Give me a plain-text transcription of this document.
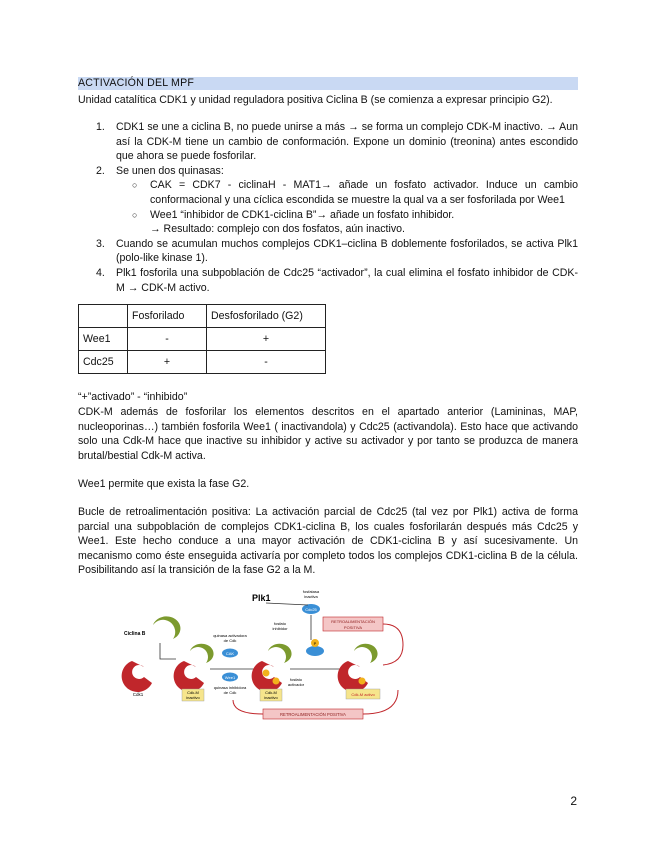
ACTIVACIÓN DEL MPF
Unidad catalítica CDK1 y unidad reguladora positiva Ciclina B (se comienza a expresar principio G2).
1. CDK1 se une a ciclina B, no puede unirse a más → se forma un complejo CDK-M inactivo. → Aun así la CDK-M tiene un cambio de conformación. Expone un dominio (treonina) antes escondido que ahora se puede fosforilar.
2. Se unen dos quinasas:
○ CAK = CDK7 - ciclinaH - MAT1→ añade un fosfato activador. Induce un cambio conformacional y una cíclica escondida se muestre la qual va a ser fosforilada por Wee1
○ Wee1 “inhibidor de CDK1-ciclina B”→ añade un fosfato inhibidor.
→ Resultado: complejo con dos fosfatos, aún inactivo.
3. Cuando se acumulan muchos complejos CDK1–ciclina B doblemente fosforilados, se activa Plk1 (polo-like kinase 1).
4. Plk1 fosforila una subpoblación de Cdc25 “activador”, la cual elimina el fosfato inhibidor de CDK-M → CDK-M activo.
	Fosforilado	Desfosforilado (G2)
Wee1	-	+
Cdc25	+	-
“+”activado” - “inhibido”
CDK-M además de fosforilar los elementos descritos en el apartado anterior (Lamininas, MAP, nucleoporinas…) también fosforila Wee1 ( inactivandola) y Cdc25 (activandola). Esto hace que activando solo una Cdk-M hace que inactive su inhibidor y active su activador y por tanto se produzca de manera brutal/bestial Cdk-M activa.
Wee1 permite que exista la fase G2.
Bucle de retroalimentación positiva: La activación parcial de Cdc25 (tal vez por Plk1) activa de forma parcial una subpoblación de complejos CDK1-ciclina B, los cuales fosforilarán después más Cdc25 y Wee1. Este hecho conduce a una mayor activación de CDK1-ciclina B y así sucesivamente. Un mecanismo como éste enseguida activaría por completo todos los complejos CDK1-ciclina B de la célula. Posibilitando así la transición de la fase G2 a la M.
RETROALIMENTACIÓN
POSITIVA
RETROALIMENTACIÓN POSITIVA
Plk1
fosfatasa
inactiva
Cdc25
P
Ciclina B
Cdk1	Cdk-M
inactivo
quinasa activadora
de Cdk
CAK
Wee1
quinasa inhibidora
de Cdk
fosfato
inhibidor
fosfato
activador
Cdk-M
inactivo
Cdk-M activo
2
